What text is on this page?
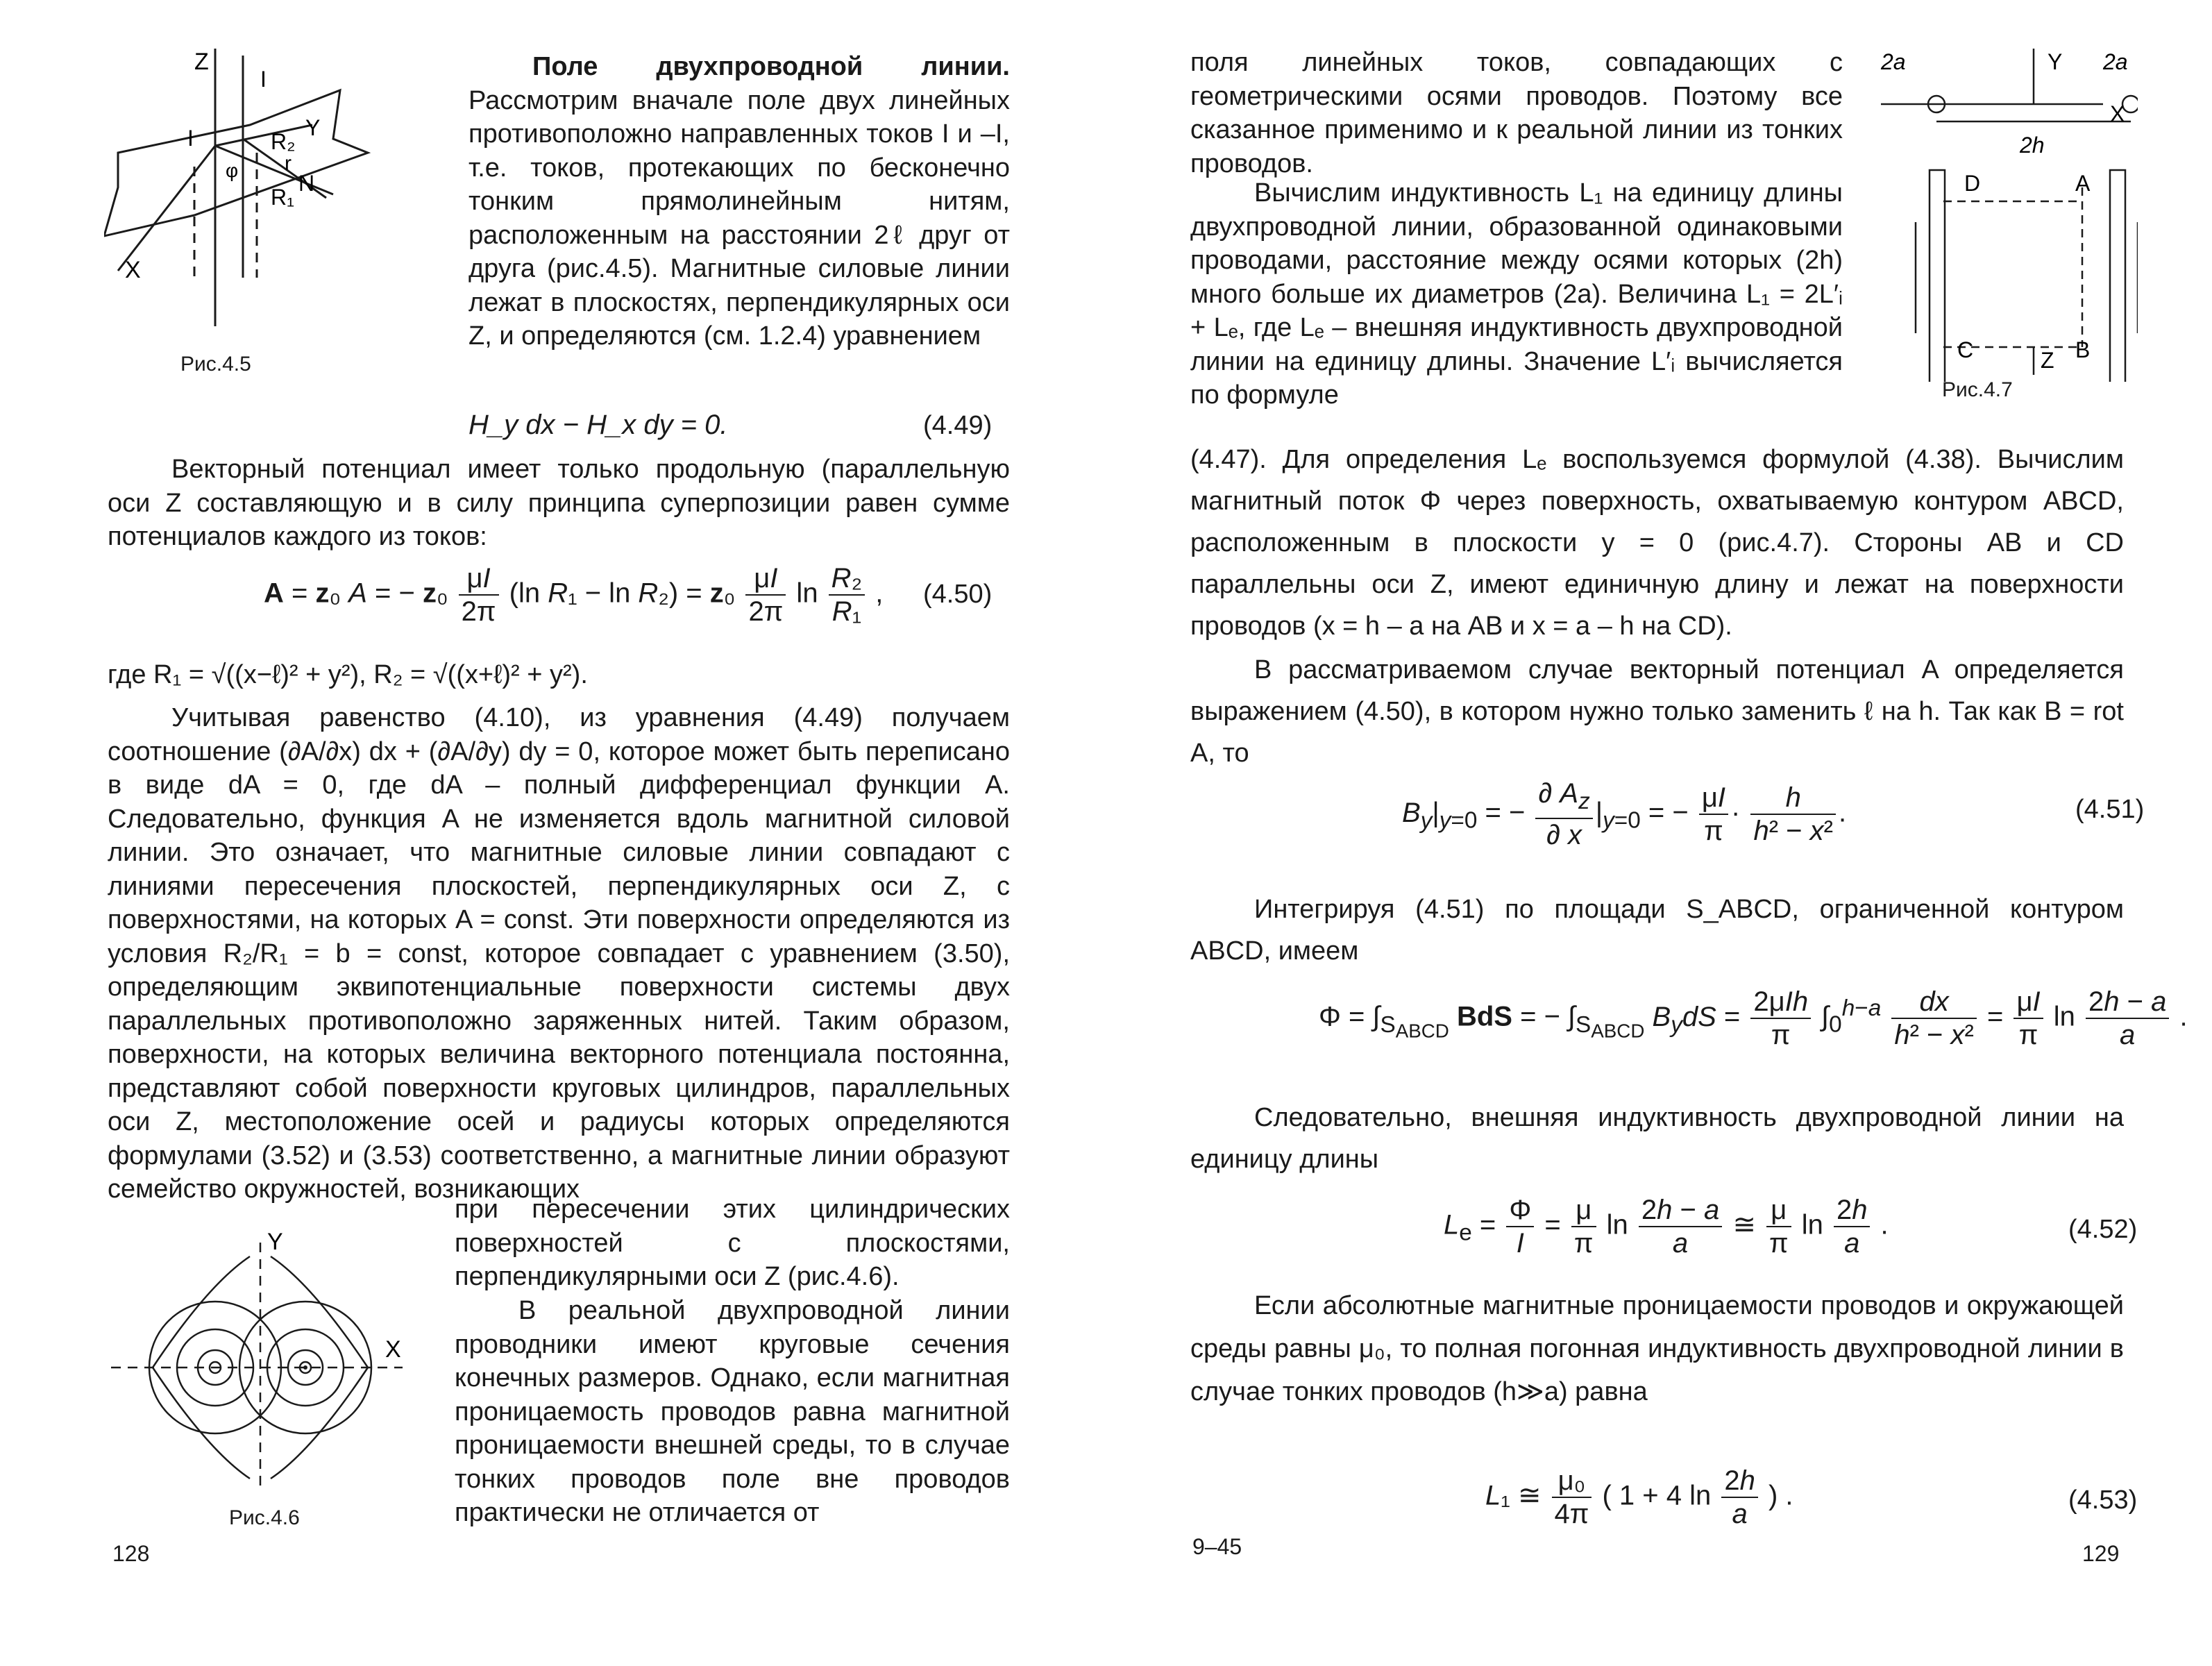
Z
I
I	R₂
Y
r
N
R₁
X
φ
Рис.4.5
Поле двухпроводной линии. Рассмотрим вначале поле двух линейных противоположно направленных токов I и –I, т.е. токов, протекающих по бесконечно тонким прямолинейным нитям, расположенным на расстоянии 2ℓ друг от друга (рис.4.5). Магнитные силовые линии лежат в плоскостях, перпендикулярных оси Z, и определяются (см. 1.2.4) уравнением
H_y dx − H_x dy = 0.	(4.49)
Векторный потенциал имеет только продольную (параллельную оси Z составляющую и в силу принципа суперпозиции равен сумме потенциалов каждого из токов:
A = z₀ A = − $z_0 \frac{\mu I}{2\pi} (\ln$ $R_1 - \ln R_2) = z_0 \frac{\mu I}{2\pi}$ $\ln \frac{\text{R₂}}{\text{R₁}}$ , (4.50)
где R₁ = √((x−ℓ)² + y²), R₂ = √((x+ℓ)² + y²).
Учитывая равенство (4.10), из уравнения (4.49) получаем соотношение (∂A/∂x) dx + (∂A/∂y) dy = 0, которое может быть переписано в виде dA = 0, где dA – полный дифференциал функции A. Следовательно, функция A не изменяется вдоль магнитной силовой линии. Это означает, что магнитные силовые линии совпадают с линиями пересечения плоскостей, перпендикулярных оси Z, с поверхностями, на которых A = const. Эти поверхности определяются из условия R₂/R₁ = b = const, которое совпадает с уравнением (3.50), определяющим эквипотенциальные поверхности системы двух параллельных противоположно заряженных нитей. Таким образом, поверхности, на которых величина векторного потенциала постоянна, представляют собой поверхности круговых цилиндров, параллельных оси Z, местоположение осей и радиусы которых определяются формулами (3.52) и (3.53) соответственно, а магнитные линии образуют семейство окружностей, возникающих
Y
X
Рис.4.6
при пересечении этих цилиндрических поверхностей с плоскостями, перпендикулярными оси Z (рис.4.6).
В реальной двухпроводной линии проводники имеют круговые сечения конечных размеров. Однако, если магнитная проницаемость проводов равна магнитной проницаемости внешней среды, то в случае тонких проводов поле вне проводов практически не отличается от
128
поля линейных токов, совпадающих с геометрическими осями проводов. Поэтому все сказанное применимо и к реальной линии из тонких проводов.
2a	Y 2a
X
2h
D	A
C	B
Z
Рис.4.7
Вычислим индуктивность L₁ на единицу длины двухпроводной линии, образованной одинаковыми проводами, расстояние между осями которых (2h) много больше их диаметров (2a). Величина L₁ = 2L′ᵢ + Lₑ, где Lₑ – внешняя индуктивность двухпроводной линии на единицу длины. Значение L′ᵢ вычисляется по формуле
(4.47). Для определения Lₑ воспользуемся формулой (4.38). Вычислим магнитный поток Φ через поверхность, охватываемую контуром ABCD, расположенным в плоскости y = 0 (рис.4.7). Стороны AB и CD параллельны оси Z, имеют единичную длину и лежат на поверхности проводов (x = h – a на AB и x = a – h на CD).
В рассматриваемом случае векторный потенциал A определяется выражением (4.50), в котором нужно только заменить ℓ на h. Так как B = rot A, то
$B_y|_{y=0}$ = − $\frac{\partial A_z}{\partial x} |_{y=0}$ = − $\frac{\mu I}{\pi} \cdot \frac{h}{\text{h² − x²}}$ .	(4.51)
Интегрируя (4.51) по площади S_ABCD, ограниченной контуром ABCD, имеем
$\Phi = \int_{S_{ABCD}}$ BdS = − $\int_{S_{ABCD}}$ $B_ydS = \frac{\text{2μIh}}{\pi} \int_0^{h-a} \frac{dx}{\text{h² − x²}} = \frac{\mu I}{\pi}$ $\ln \frac{2h - a}{a}$ .
Следовательно, внешняя индуктивность двухпроводной линии на единицу длины
$L_e = \frac{\Phi}{I} = \frac{\mu}{\pi}$ $\ln \frac{2h - a}{a}$ ≅ $\frac{\mu}{\pi}$ $\ln \frac{2h}{a}$ .	(4.52)
Если абсолютные магнитные проницаемости проводов и окружающей среды равны μ₀, то полная погонная индуктивность двухпроводной линии в случае тонких проводов (h≫a) равна
L₁ ≅ $\frac{\text{μ₀}}{4\pi}$ ( 1 + 4 $\ln \frac{2h}{a}$ ) .	(4.53)
9–45	129
